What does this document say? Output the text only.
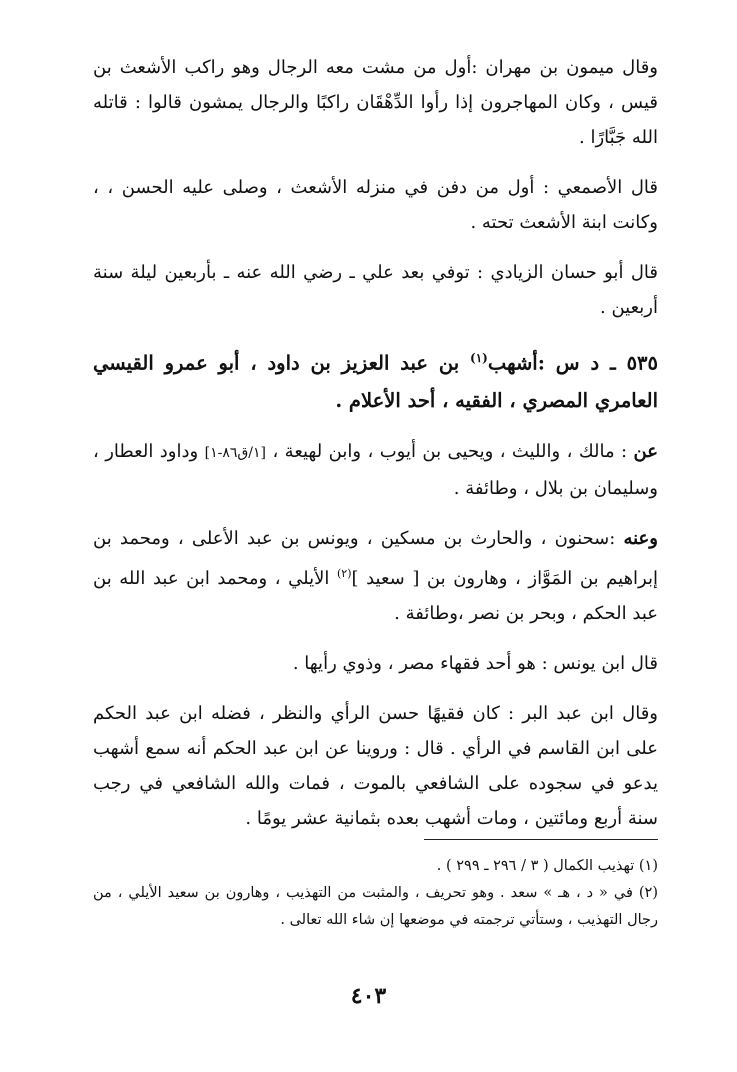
وقال ميمون بن مهران :أول من مشت معه الرجال وهو راكب الأشعث بن قيس ، وكان المهاجرون إذا رأوا الدِّهْقَان راكبًا والرجال يمشون قالوا : قاتله الله جَبَّارًا .

قال الأصمعي : أول من دفن في منزله الأشعث ، وصلى عليه الحسن ، ، وكانت ابنة الأشعث تحته .

قال أبو حسان الزيادي : توفي بعد علي ـ رضي الله عنه ـ بأربعين ليلة سنة أربعين .

٥٣٥ ـ د س :أشهب$^{(١)}$ بن عبد العزيز بن داود ، أبو عمرو القيسي العامري المصري ، الفقيه ، أحد الأعلام .

عن : مالك ، والليث ، ويحيى بن أيوب ، وابن لهيعة ، [١/ق٨٦-١] وداود العطار ، وسليمان بن بلال ، وطائفة .

وعنه :سحنون ، والحارث بن مسكين ، ويونس بن عبد الأعلى ، ومحمد بن إبراهيم بن المَوَّاز ، وهارون بن [ سعيد ]$^{(٢)}$ الأيلي ، ومحمد ابن عبد الله بن عبد الحكم ، وبحر بن نصر ،وطائفة .

قال ابن يونس : هو أحد فقهاء مصر ، وذوي رأيها .

وقال ابن عبد البر : كان فقيهًا حسن الرأي والنظر ، فضله ابن عبد الحكم على ابن القاسم في الرأي . قال : وروينا عن ابن عبد الحكم أنه سمع أشهب يدعو في سجوده على الشافعي بالموت ، فمات والله الشافعي في رجب سنة أربع ومائتين ، ومات أشهب بعده بثمانية عشر يومًا .

(١) تهذيب الكمال ( ٣ / ٢٩٦ ـ ٢٩٩ ) .

(٢) في « د ، هـ » سعد . وهو تحريف ، والمثبت من التهذيب ، وهارون بن سعيد الأيلي ، من رجال التهذيب ، وستأتي ترجمته في موضعها إن شاء الله تعالى .

٤٠٣
